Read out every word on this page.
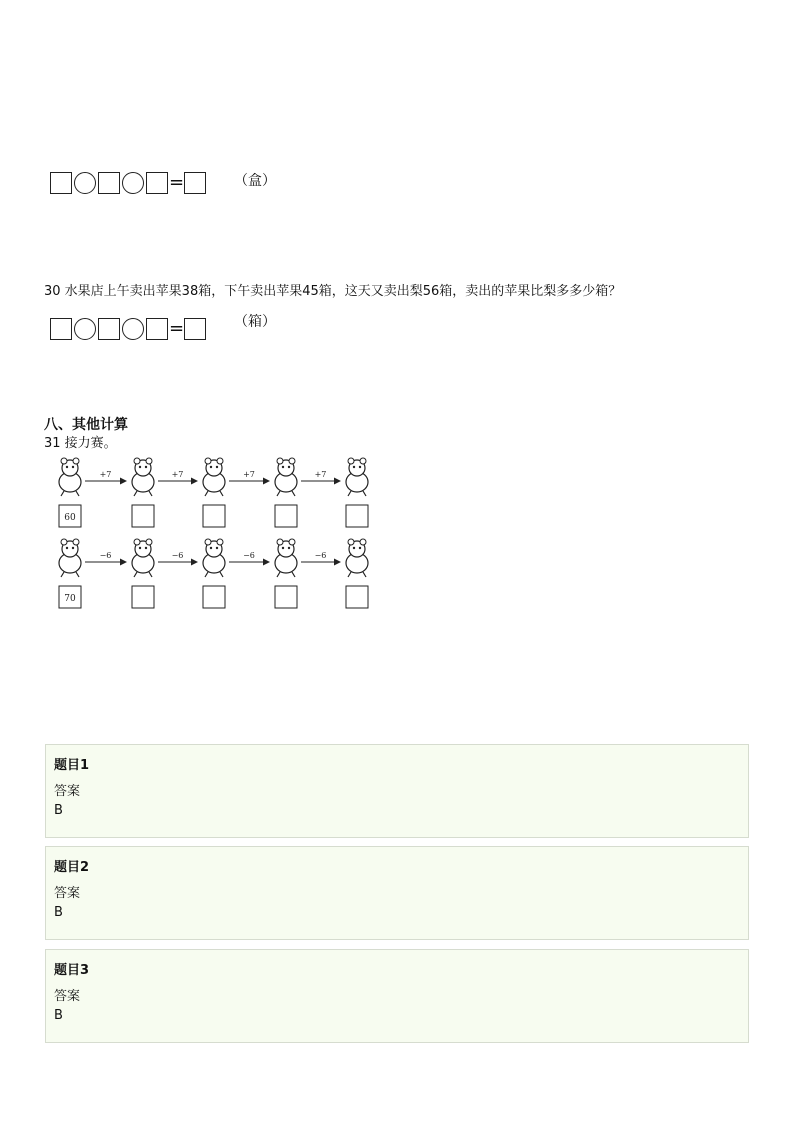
=	（盒）
30 水果店上午卖出苹果38箱，下午卖出苹果45箱，这天又卖出梨56箱，卖出的苹果比梨多多少箱？
=	（箱）
八、其他计算
31 接力赛。
60
+7	+7	+7	+7
70
−6	−6	−6	−6
题目1
答案
B
题目2
答案
B
题目3
答案
B
